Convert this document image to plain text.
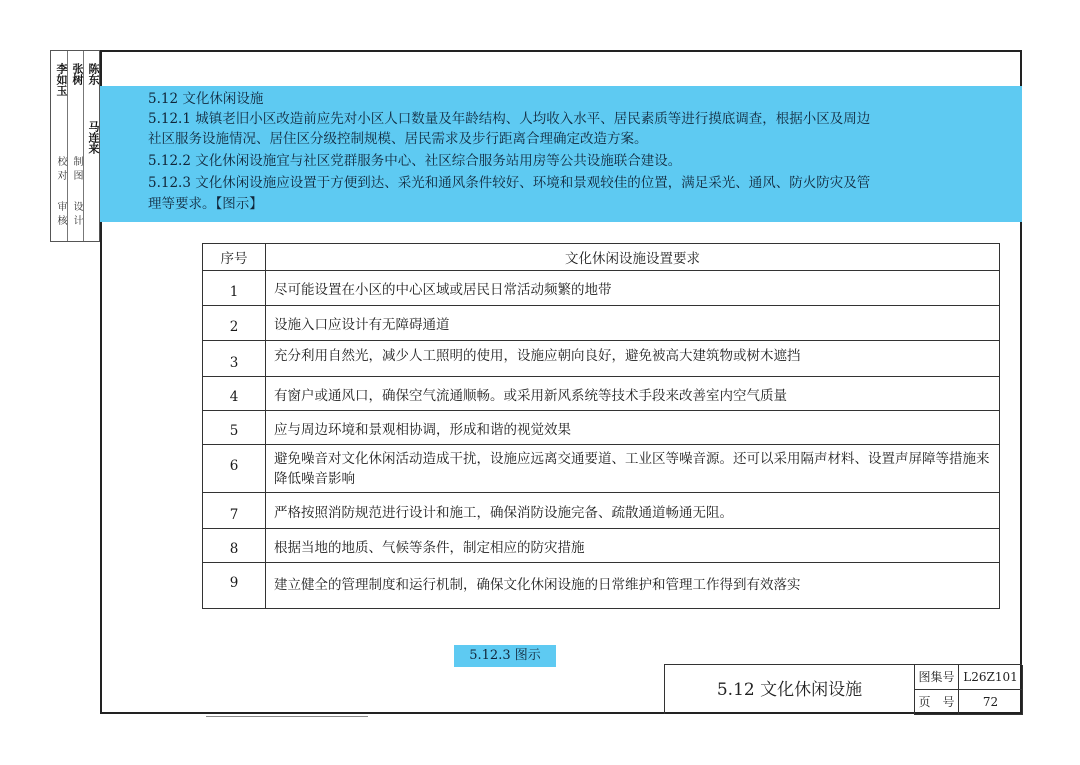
审核
校对
设计
制图
李如玉 张树 陈东
马连来
5.12 文化休闲设施
5.12.1 城镇老旧小区改造前应先对小区人口数量及年龄结构、人均收入水平、居民素质等进行摸底调查，根据小区及周边
社区服务设施情况、居住区分级控制规模、居民需求及步行距离合理确定改造方案。
5.12.2 文化休闲设施宜与社区党群服务中心、社区综合服务站用房等公共设施联合建设。
5.12.3 文化休闲设施应设置于方便到达、采光和通风条件较好、环境和景观较佳的位置，满足采光、通风、防火防灾及管
理等要求。【图示】
序号	文化休闲设施设置要求
1	尽可能设置在小区的中心区域或居民日常活动频繁的地带
2	设施入口应设计有无障碍通道
3	充分利用自然光，减少人工照明的使用，设施应朝向良好，避免被高大建筑物或树木遮挡
4	有窗户或通风口，确保空气流通顺畅。或采用新风系统等技术手段来改善室内空气质量
5	应与周边环境和景观相协调，形成和谐的视觉效果
6	避免噪音对文化休闲活动造成干扰，设施应远离交通要道、工业区等噪音源。还可以采用隔声材料、设置声屏障等措施来降低噪音影响
7	严格按照消防规范进行设计和施工，确保消防设施完备、疏散通道畅通无阻。
8	根据当地的地质、气候等条件，制定相应的防灾措施
9	建立健全的管理制度和运行机制，确保文化休闲设施的日常维护和管理工作得到有效落实
5.12.3 图示
5.12 文化休闲设施
图集号 L26Z101
页　号	72
